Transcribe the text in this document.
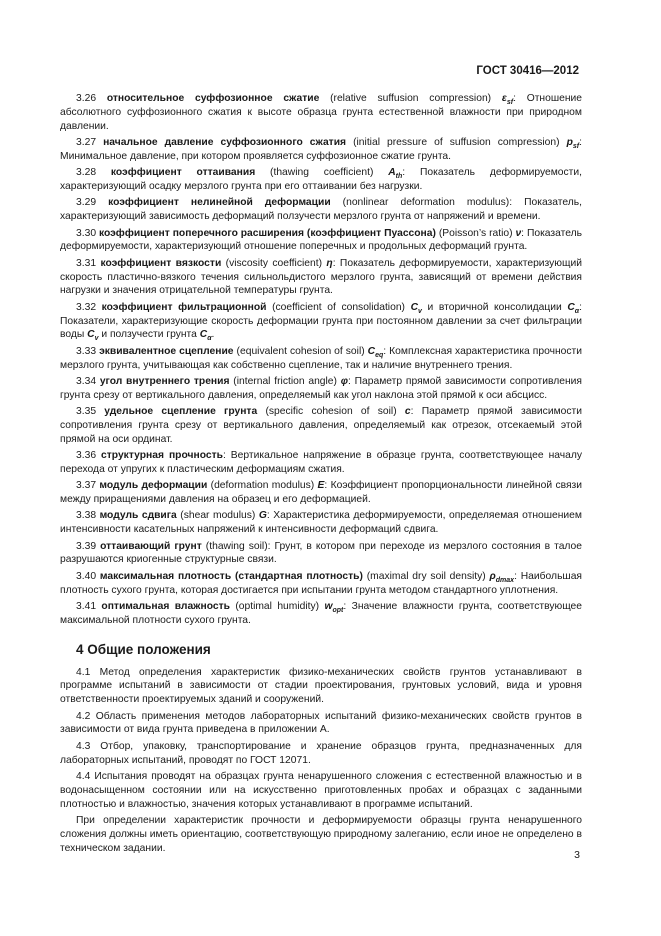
ГОСТ 30416—2012
3.26 относительное суффозионное сжатие (relative suffusion compression) $\varepsilon_{sf}$: Отношение абсолютного суффозионного сжатия к высоте образца грунта естественной влажности при природном давлении.
3.27 начальное давление суффозионного сжатия (initial pressure of suffusion compression) $p_{sf}$: Минимальное давление, при котором проявляется суффозионное сжатие грунта.
3.28 коэффициент оттаивания (thawing coefficient) $A_{th}$: Показатель деформируемости, характеризующий осадку мерзлого грунта при его оттаивании без нагрузки.
3.29 коэффициент нелинейной деформации (nonlinear deformation modulus): Показатель, характеризующий зависимость деформаций ползучести мерзлого грунта от напряжений и времени.
3.30 коэффициент поперечного расширения (коэффициент Пуассона) (Poisson’s ratio) ν: Показатель деформируемости, характеризующий отношение поперечных и продольных деформаций грунта.
3.31 коэффициент вязкости (viscosity coefficient) η: Показатель деформируемости, характеризующий скорость пластично-вязкого течения сильнольдистого мерзлого грунта, зависящий от времени действия нагрузки и значения отрицательной температуры грунта.
3.32 коэффициент фильтрационной (coefficient of consolidation) $C_v$ и вторичной консолидации $C_\alpha$: Показатели, характеризующие скорость деформации грунта при постоянном давлении за счет фильтрации воды $C_v$ и ползучести грунта $C_\alpha$.
3.33 эквивалентное сцепление (equivalent cohesion of soil) $C_{eq}$: Комплексная характеристика прочности мерзлого грунта, учитывающая как собственно сцепление, так и наличие внутреннего трения.
3.34 угол внутреннего трения (internal friction angle) φ: Параметр прямой зависимости сопротивления грунта срезу от вертикального давления, определяемый как угол наклона этой прямой к оси абсцисс.
3.35 удельное сцепление грунта (specific cohesion of soil) c: Параметр прямой зависимости сопротивления грунта срезу от вертикального давления, определяемый как отрезок, отсекаемый этой прямой на оси ординат.
3.36 структурная прочность: Вертикальное напряжение в образце грунта, соответствующее началу перехода от упругих к пластическим деформациям сжатия.
3.37 модуль деформации (deformation modulus) E: Коэффициент пропорциональности линейной связи между приращениями давления на образец и его деформацией.
3.38 модуль сдвига (shear modulus) G: Характеристика деформируемости, определяемая отношением интенсивности касательных напряжений к интенсивности деформаций сдвига.
3.39 оттаивающий грунт (thawing soil): Грунт, в котором при переходе из мерзлого состояния в талое разрушаются криогенные структурные связи.
3.40 максимальная плотность (стандартная плотность) (maximal dry soil density) $\rho_{dmax}$: Наибольшая плотность сухого грунта, которая достигается при испытании грунта методом стандартного уплотнения.
3.41 оптимальная влажность (optimal humidity) $w_{opt}$: Значение влажности грунта, соответствующее максимальной плотности сухого грунта.
4 Общие положения
4.1 Метод определения характеристик физико-механических свойств грунтов устанавливают в программе испытаний в зависимости от стадии проектирования, грунтовых условий, вида и уровня ответственности проектируемых зданий и сооружений.
4.2 Область применения методов лабораторных испытаний физико-механических свойств грунтов в зависимости от вида грунта приведена в приложении А.
4.3 Отбор, упаковку, транспортирование и хранение образцов грунта, предназначенных для лабораторных испытаний, проводят по ГОСТ 12071.
4.4 Испытания проводят на образцах грунта ненарушенного сложения с естественной влажностью и в водонасыщенном состоянии или на искусственно приготовленных пробах и образцах с заданными плотностью и влажностью, значения которых устанавливают в программе испытаний.
При определении характеристик прочности и деформируемости образцы грунта ненарушенного сложения должны иметь ориентацию, соответствующую природному залеганию, если иное не определено в техническом задании.
3
